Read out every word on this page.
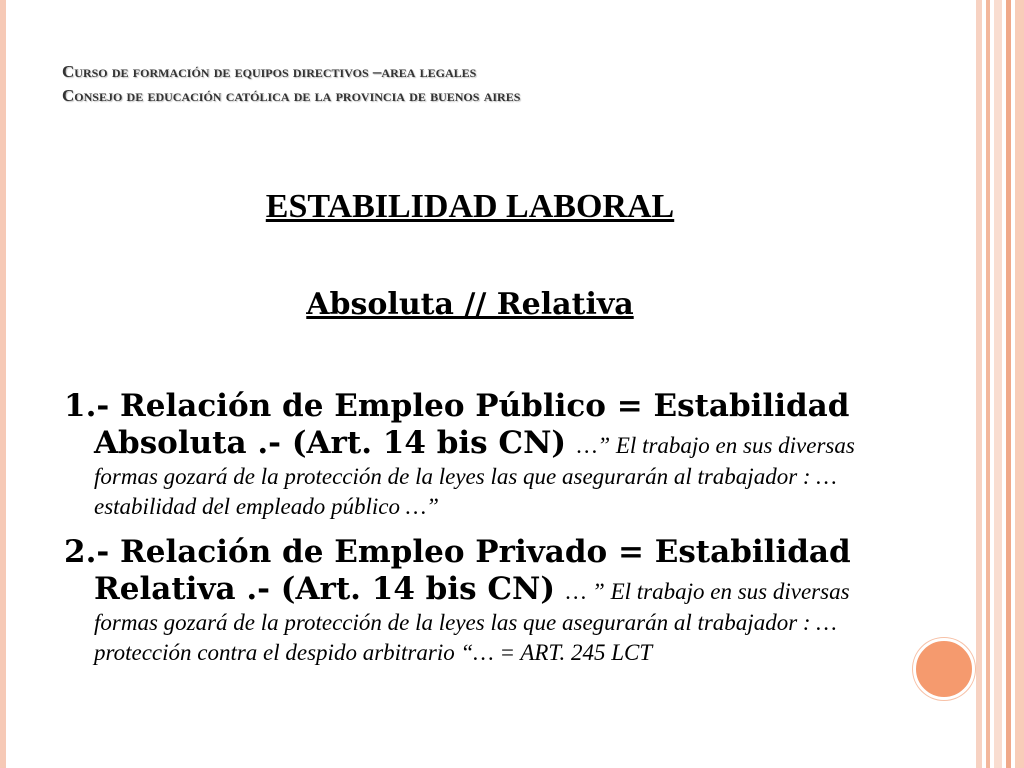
Curso de formación de equipos directivos –area legales
Consejo de educación católica de la provincia de buenos aires
ESTABILIDAD LABORAL
Absoluta // Relativa
1.- Relación de Empleo Público = Estabilidad Absoluta .- (Art. 14 bis CN) …” El trabajo en sus diversas formas gozará de la protección de la leyes las que asegurarán al trabajador : …estabilidad del empleado público …”
2.- Relación de Empleo Privado = Estabilidad Relativa .- (Art. 14 bis CN) … ” El trabajo en sus diversas formas gozará de la protección de la leyes las que asegurarán al trabajador : …protección contra el despido arbitrario “… = ART. 245 LCT
